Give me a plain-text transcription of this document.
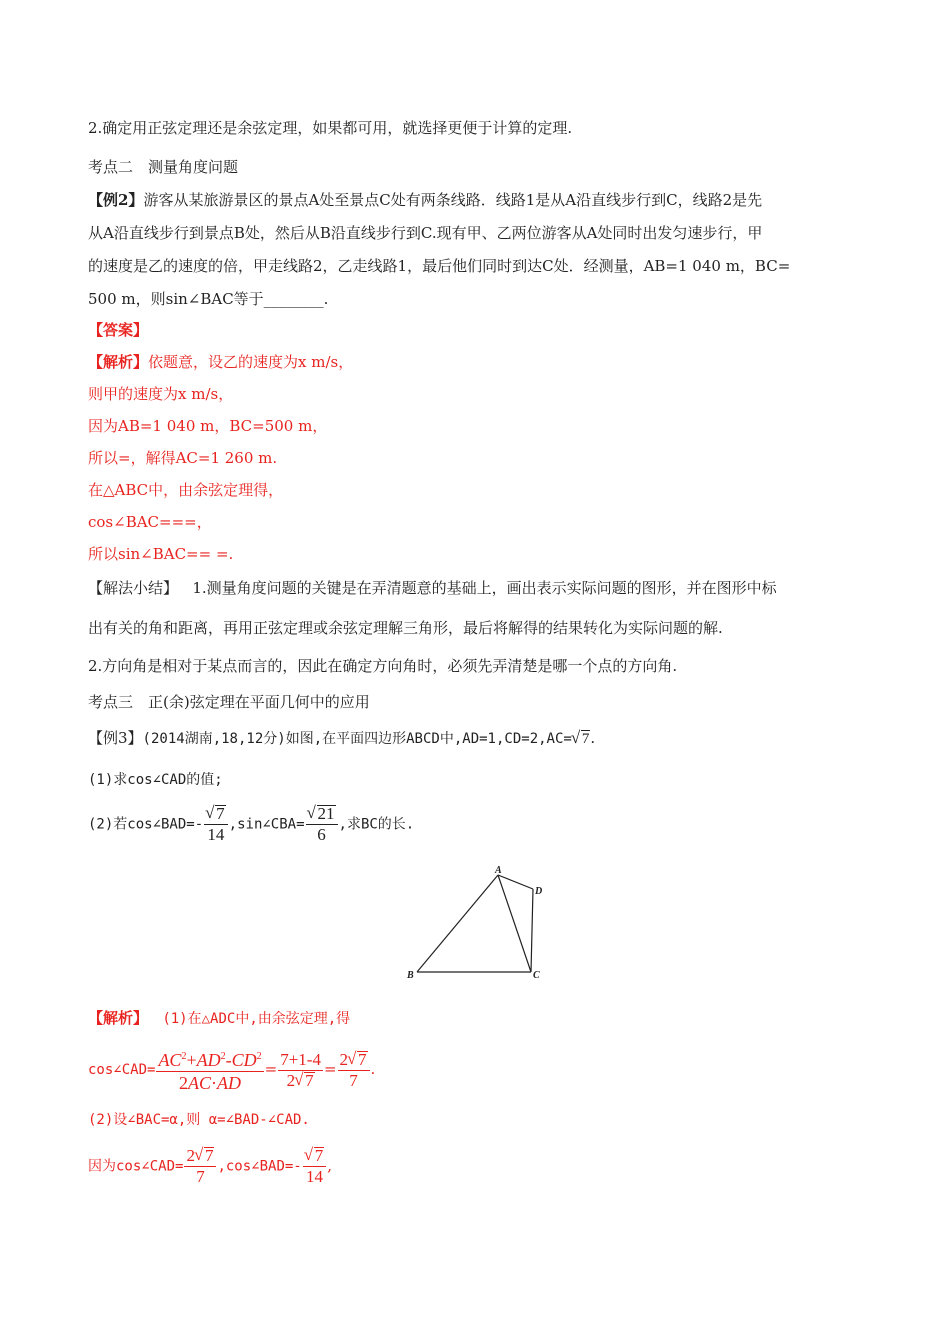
2.确定用正弦定理还是余弦定理，如果都可用，就选择更便于计算的定理.
考点二　测量角度问题
【例2】游客从某旅游景区的景点A处至景点C处有两条线路．线路1是从A沿直线步行到C，线路2是先
从A沿直线步行到景点B处，然后从B沿直线步行到C.现有甲、乙两位游客从A处同时出发匀速步行，甲
的速度是乙的速度的倍，甲走线路2，乙走线路1，最后他们同时到达C处．经测量，AB=1 040 m，BC=
500 m，则sin∠BAC等于________.
【答案】
【解析】依题意，设乙的速度为x m/s，
则甲的速度为x m/s，
因为AB=1 040 m，BC=500 m，
所以=，解得AC=1 260 m.
在△ABC中，由余弦定理得，
cos∠BAC===，
所以sin∠BAC== =.
【解法小结】 1.测量角度问题的关键是在弄清题意的基础上，画出表示实际问题的图形，并在图形中标
出有关的角和距离，再用正弦定理或余弦定理解三角形，最后将解得的结果转化为实际问题的解.
2.方向角是相对于某点而言的，因此在确定方向角时，必须先弄清楚是哪一个点的方向角.
考点三　正(余)弦定理在平面几何中的应用
【例3】(2014湖南,18,12分)如图,在平面四边形ABCD中,AD=1,CD=2,AC= √ 7.
(1)求cos∠CAD的值;
(2)若cos∠BAD=- √ $\frac{7}{14}$ ,sin∠CBA= √ $\frac{21}{6}$ ,求BC的长.
A
D
B	C
【解析】 (1)在△ADC中,由余弦定理,得
cos∠CAD= $\frac{AC^2+AD^2-CD^2}{2AC\cdot AD} = \frac{7+1-4}{2 √ 7} = \frac{2 √ 7}{7}$ .
(2)设∠BAC=α,则 α=∠BAD-∠CAD.
因为cos∠CAD= $\frac{2 √ 7}{7}$ ,cos∠BAD=- √ $\frac{7}{14}$ ,
